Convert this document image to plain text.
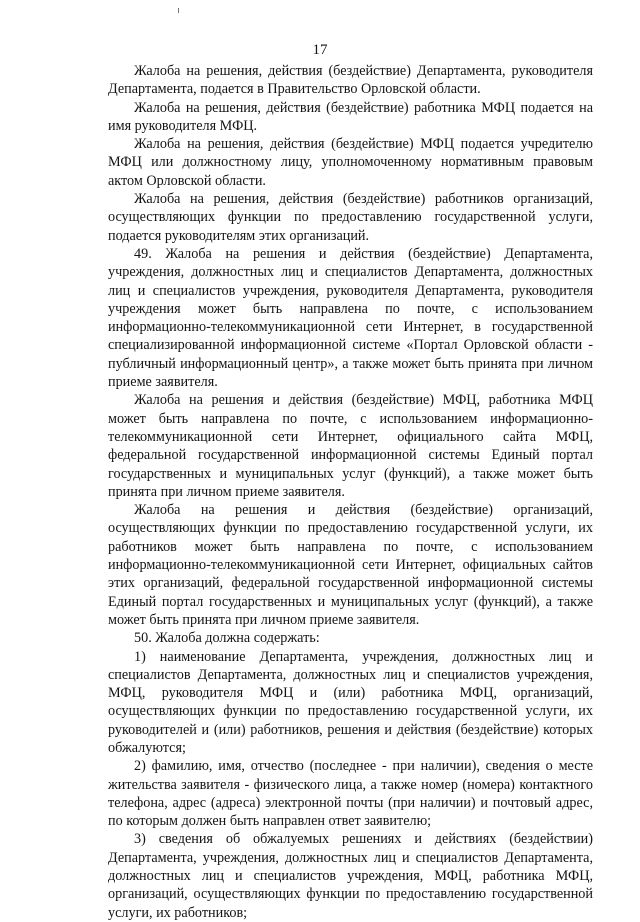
17

Жалоба на решения, действия (бездействие) Департамента, руководителя Департамента, подается в Правительство Орловской области.

Жалоба на решения, действия (бездействие) работника МФЦ подается на имя руководителя МФЦ.

Жалоба на решения, действия (бездействие) МФЦ подается учредителю МФЦ или должностному лицу, уполномоченному нормативным правовым актом Орловской области.

Жалоба на решения, действия (бездействие) работников организаций, осуществляющих функции по предоставлению государственной услуги, подается руководителям этих организаций.

49. Жалоба на решения и действия (бездействие) Департамента, учреждения, должностных лиц и специалистов Департамента, должностных лиц и специалистов учреждения, руководителя Департамента, руководителя учреждения может быть направлена по почте, с использованием информационно-телекоммуникационной сети Интернет, в государственной специализированной информационной системе «Портал Орловской области - публичный информационный центр», а также может быть принята при личном приеме заявителя.

Жалоба на решения и действия (бездействие) МФЦ, работника МФЦ может быть направлена по почте, с использованием информационно-телекоммуникационной сети Интернет, официального сайта МФЦ, федеральной государственной информационной системы Единый портал государственных и муниципальных услуг (функций), а также может быть принята при личном приеме заявителя.

Жалоба на решения и действия (бездействие) организаций, осуществляющих функции по предоставлению государственной услуги, их работников может быть направлена по почте, с использованием информационно-телекоммуникационной сети Интернет, официальных сайтов этих организаций, федеральной государственной информационной системы Единый портал государственных и муниципальных услуг (функций), а также может быть принята при личном приеме заявителя.

50. Жалоба должна содержать:

1) наименование Департамента, учреждения, должностных лиц и специалистов Департамента, должностных лиц и специалистов учреждения, МФЦ, руководителя МФЦ и (или) работника МФЦ, организаций, осуществляющих функции по предоставлению государственной услуги, их руководителей и (или) работников, решения и действия (бездействие) которых обжалуются;

2) фамилию, имя, отчество (последнее - при наличии), сведения о месте жительства заявителя - физического лица, а также номер (номера) контактного телефона, адрес (адреса) электронной почты (при наличии) и почтовый адрес, по которым должен быть направлен ответ заявителю;

3) сведения об обжалуемых решениях и действиях (бездействии) Департамента, учреждения, должностных лиц и специалистов Департамента, должностных лиц и специалистов учреждения, МФЦ, работника МФЦ, организаций, осуществляющих функции по предоставлению государственной услуги, их работников;
